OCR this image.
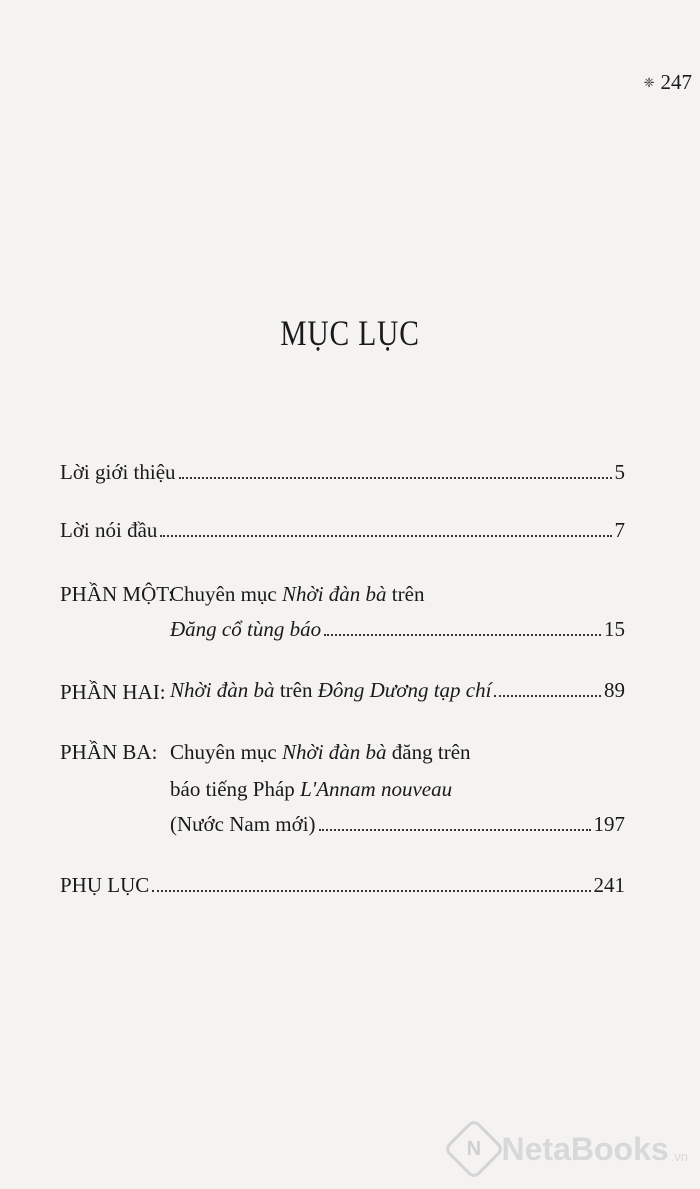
❈ 247
MỤC LỤC
Lời giới thiệu	5
Lời nói đầu	7
PHẦN MỘT:
Chuyên mục Nhời đàn bà trên
Đăng cổ tùng báo	15
PHẦN HAI: Nhời đàn bà trên Đông Dương tạp chí	89
PHẦN BA: Chuyên mục Nhời đàn bà đăng trên
báo tiếng Pháp L'Annam nouveau
(Nước Nam mới)	197
PHỤ LỤC	241
N NetaBooks .vn
